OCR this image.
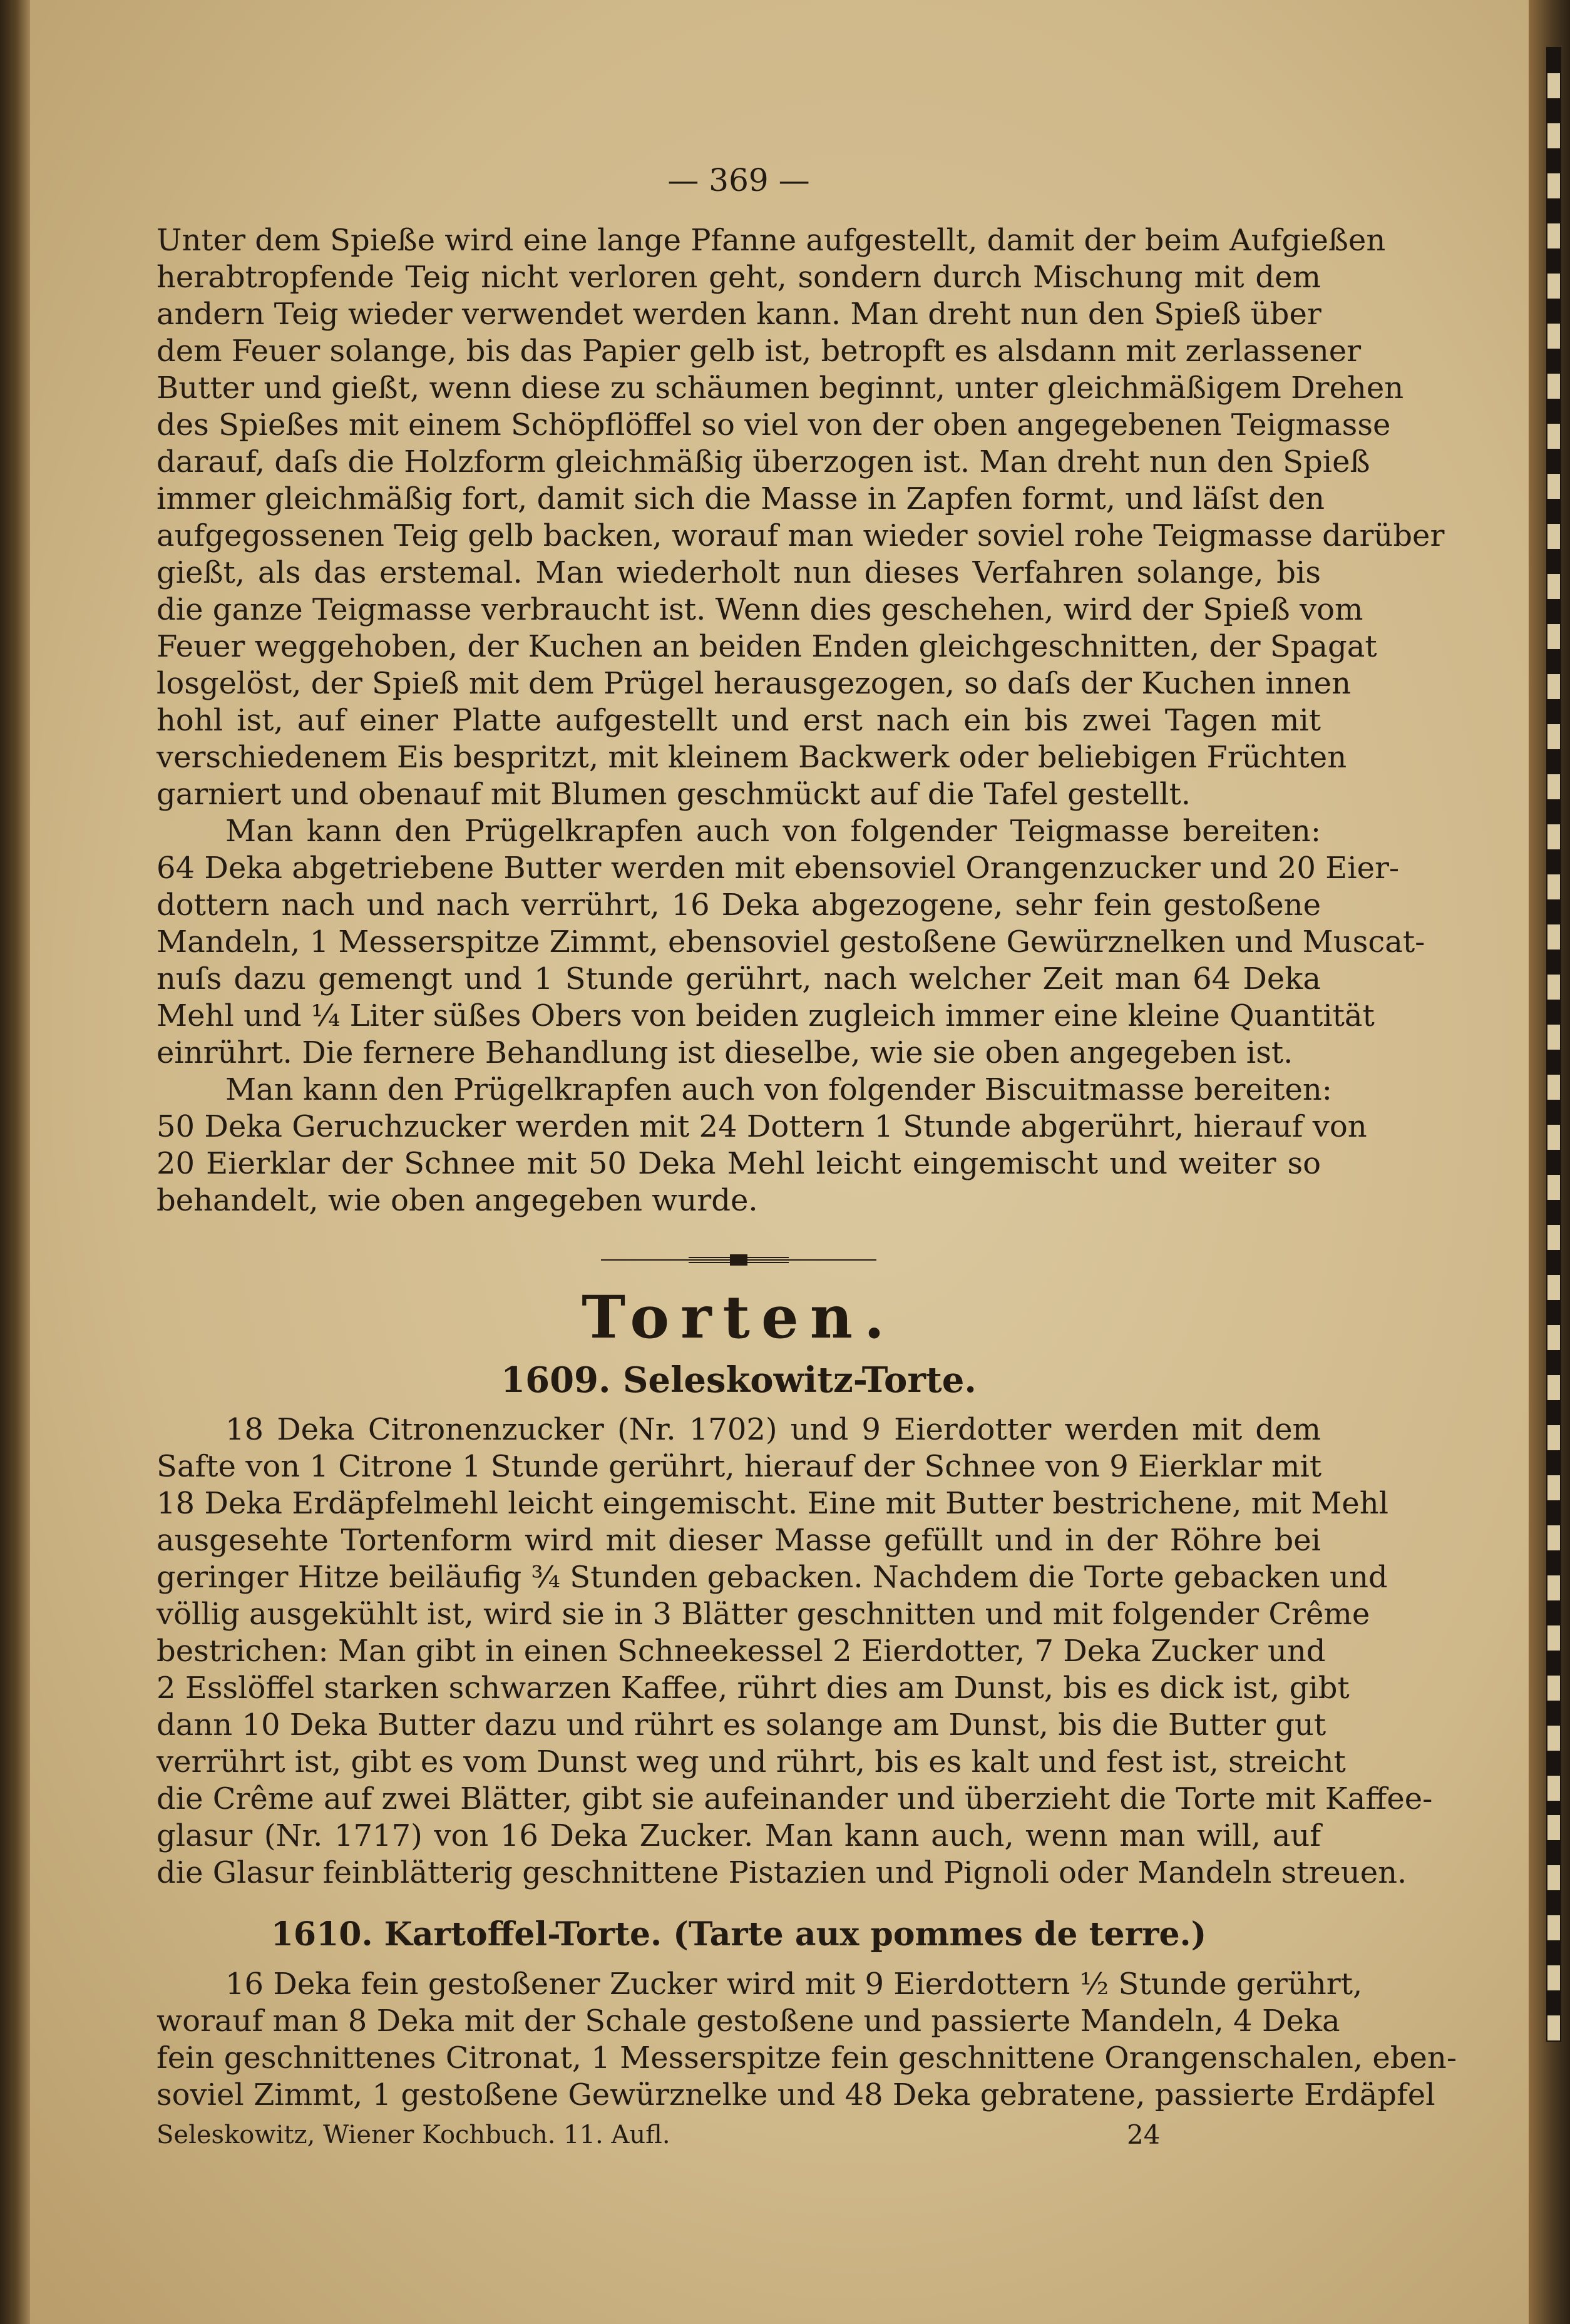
— 369 —
Unter dem Spieße wird eine lange Pfanne aufgestellt, damit der beim Aufgießen
herabtropfende Teig nicht verloren geht, sondern durch Mischung mit dem
andern Teig wieder verwendet werden kann. Man dreht nun den Spieß über
dem Feuer solange, bis das Papier gelb ist, betropft es alsdann mit zerlassener
Butter und gießt, wenn diese zu schäumen beginnt, unter gleichmäßigem Drehen
des Spießes mit einem Schöpflöffel so viel von der oben angegebenen Teigmasse
darauf, daſs die Holzform gleichmäßig überzogen ist. Man dreht nun den Spieß
immer gleichmäßig fort, damit sich die Masse in Zapfen formt, und läſst den
aufgegossenen Teig gelb backen, worauf man wieder soviel rohe Teigmasse darüber
gießt, als das erstemal. Man wiederholt nun dieses Verfahren solange, bis
die ganze Teigmasse verbraucht ist. Wenn dies geschehen, wird der Spieß vom
Feuer weggehoben, der Kuchen an beiden Enden gleichgeschnitten, der Spagat
losgelöst, der Spieß mit dem Prügel herausgezogen, so daſs der Kuchen innen
hohl ist, auf einer Platte aufgestellt und erst nach ein bis zwei Tagen mit
verschiedenem Eis bespritzt, mit kleinem Backwerk oder beliebigen Früchten
garniert und obenauf mit Blumen geschmückt auf die Tafel gestellt.
Man kann den Prügelkrapfen auch von folgender Teigmasse bereiten:
64 Deka abgetriebene Butter werden mit ebensoviel Orangenzucker und 20 Eier-
dottern nach und nach verrührt, 16 Deka abgezogene, sehr fein gestoßene
Mandeln, 1 Messerspitze Zimmt, ebensoviel gestoßene Gewürznelken und Muscat-
nuſs dazu gemengt und 1 Stunde gerührt, nach welcher Zeit man 64 Deka
Mehl und ¼ Liter süßes Obers von beiden zugleich immer eine kleine Quantität
einrührt. Die fernere Behandlung ist dieselbe, wie sie oben angegeben ist.
Man kann den Prügelkrapfen auch von folgender Biscuitmasse bereiten:
50 Deka Geruchzucker werden mit 24 Dottern 1 Stunde abgerührt, hierauf von
20 Eierklar der Schnee mit 50 Deka Mehl leicht eingemischt und weiter so
behandelt, wie oben angegeben wurde.
Torten.
1609. Seleskowitz-Torte.
18 Deka Citronenzucker (Nr. 1702) und 9 Eierdotter werden mit dem
Safte von 1 Citrone 1 Stunde gerührt, hierauf der Schnee von 9 Eierklar mit
18 Deka Erdäpfelmehl leicht eingemischt. Eine mit Butter bestrichene, mit Mehl
ausgesehte Tortenform wird mit dieser Masse gefüllt und in der Röhre bei
geringer Hitze beiläufig ¾ Stunden gebacken. Nachdem die Torte gebacken und
völlig ausgekühlt ist, wird sie in 3 Blätter geschnitten und mit folgender Crême
bestrichen: Man gibt in einen Schneekessel 2 Eierdotter, 7 Deka Zucker und
2 Esslöffel starken schwarzen Kaffee, rührt dies am Dunst, bis es dick ist, gibt
dann 10 Deka Butter dazu und rührt es solange am Dunst, bis die Butter gut
verrührt ist, gibt es vom Dunst weg und rührt, bis es kalt und fest ist, streicht
die Crême auf zwei Blätter, gibt sie aufeinander und überzieht die Torte mit Kaffee-
glasur (Nr. 1717) von 16 Deka Zucker. Man kann auch, wenn man will, auf
die Glasur feinblätterig geschnittene Pistazien und Pignoli oder Mandeln streuen.
1610. Kartoffel-Torte. (Tarte aux pommes de terre.)
16 Deka fein gestoßener Zucker wird mit 9 Eierdottern ½ Stunde gerührt,
worauf man 8 Deka mit der Schale gestoßene und passierte Mandeln, 4 Deka
fein geschnittenes Citronat, 1 Messerspitze fein geschnittene Orangenschalen, eben-
soviel Zimmt, 1 gestoßene Gewürznelke und 48 Deka gebratene, passierte Erdäpfel
Seleskowitz, Wiener Kochbuch. 11. Aufl.	24
